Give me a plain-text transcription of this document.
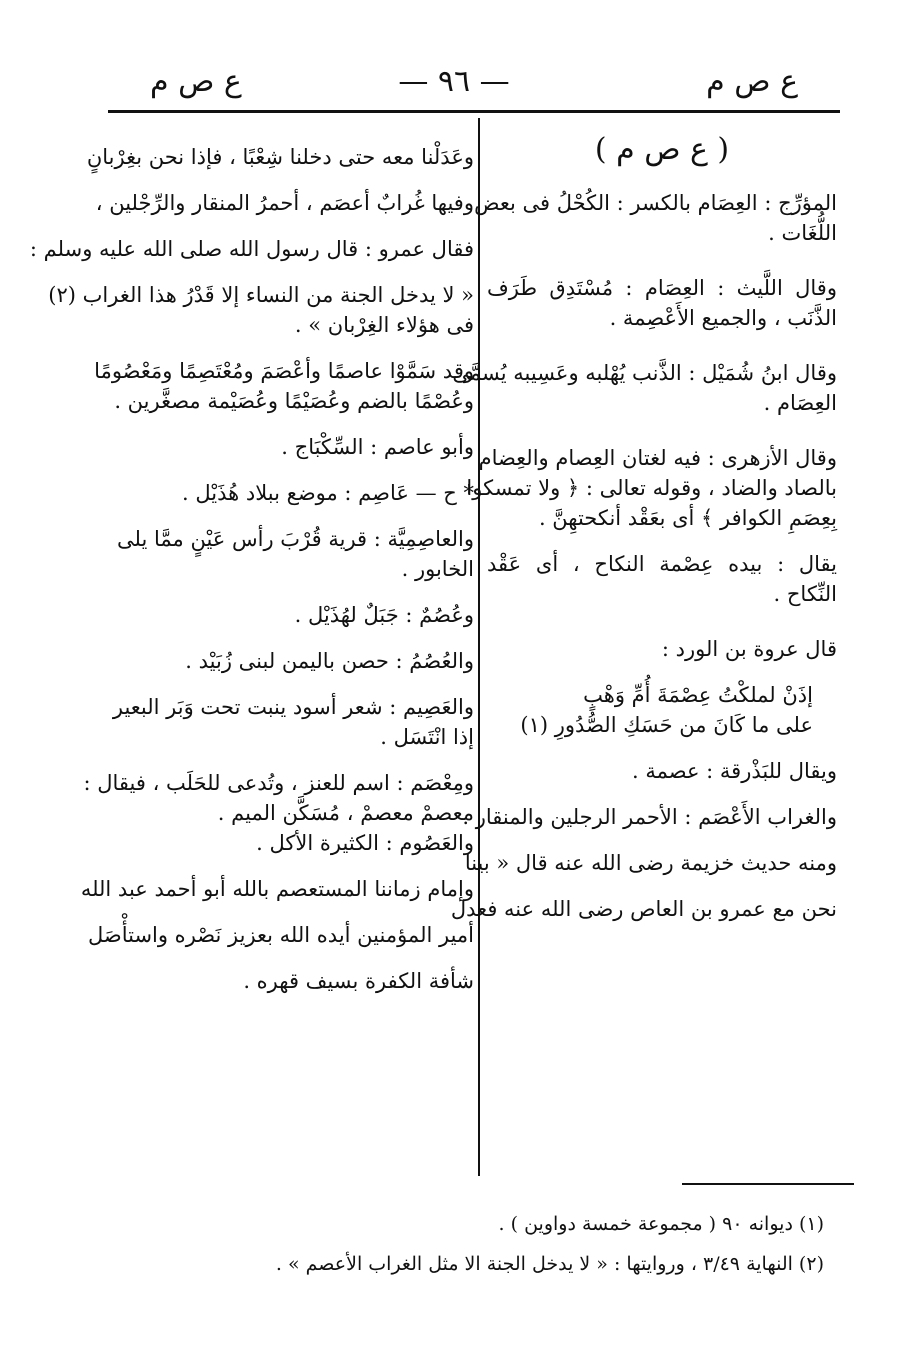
ع ص م
— ٩٦ —
ع ص م
( ع ص م )
المؤرِّج : العِصَام بالكسر : الكُحْلُ فى بعض
اللُّغَات .
وقال اللَّيث : العِصَام : مُسْتَدِق طَرَف
الذَّنَب ، والجميع الأَعْصِمة .
وقال ابنُ شُمَيْل : الذَّنب يُهْلبه وعَسِيبه يُسمَّى
العِصَام .
وقال الأزهرى : فيه لغتان العِصام والعِضام
بالصاد والضاد ، وقوله تعالى : ﴿ ولا تمسكوا
بِعِصَمِ الكوافر ﴾ أى بعَقْد أنكحتهِنَّ .
يقال : بيده عِصْمة النكاح ، أى عَقْد
النِّكاح .
قال عروة بن الورد :
إذَنْ لملكْتُ عِصْمَةَ أُمِّ وَهْبٍ
على ما كَانَ من حَسَكِ الصُّدُورِ (١)
ويقال للبَذْرقة : عصمة .
والغراب الأَعْصَم : الأحمر الرجلين والمنقار .
ومنه حديث خزيمة رضى الله عنه قال « بينا
نحن مع عمرو بن العاص رضى الله عنه فعدل
وعَدَلْنا معه حتى دخلنا شِعْبًا ، فإذا نحن بغِرْبانٍ
وفيها غُرابٌ أعصَم ، أحمرُ المنقار والرِّجْلين ،
فقال عمرو : قال رسول الله صلى الله عليه وسلم :
« لا يدخل الجنة من النساء إلا قَدْرُ هذا الغراب (٢)
فى هؤلاء الغِرْبان » .
وقد سَمَّوْا عاصمًا وأعْصَمَ ومُعْتَصِمًا ومَعْصُومًا
وعُصْمًا بالضم وعُصَيْمًا وعُصَيْمة مصغَّرين .
وأبو عاصم : السِّكْبَاج .
* ح — عَاصِم : موضع ببلاد هُذَيْل .
والعاصِمِيَّة : قرية قُرْبَ رأس عَيْنٍ ممَّا يلى
الخابور .
وعُصُمٌ : جَبَلٌ لهُذَيْل .
والعُصُمُ : حصن باليمن لبنى زُبَيْد .
والعَصِيم : شعر أسود ينبت تحت وَبَر البعير
إذا انْتَسَل .
ومِعْصَم : اسم للعنز ، وتُدعى للحَلَب ، فيقال :
معصمْ معصمْ ، مُسَكَّن الميم .
والعَصُوم : الكثيرة الأكل .
وإمام زماننا المستعصم بالله أبو أحمد عبد الله
أمير المؤمنين أيده الله بعزيز نَصْره واستأْصَل
شأفة الكفرة بسيف قهره .
(١) ديوانه ٩٠ ( مجموعة خمسة دواوين ) .
(٢) النهاية ٣/٤٩ ، وروايتها : « لا يدخل الجنة الا مثل الغراب الأعصم » .
